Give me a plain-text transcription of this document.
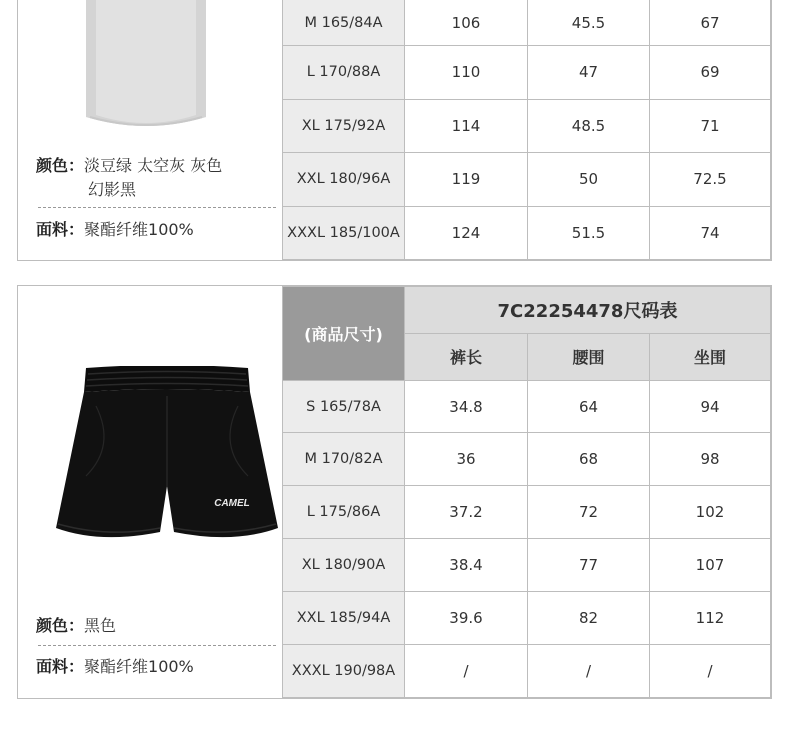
颜色：淡豆绿 太空灰 灰色
幻影黑
面料：聚酯纤维100%
M 165/84A	106	45.5	67
L 170/88A	110	47	69
XL 175/92A	114	48.5	71
XXL 180/96A	119	50	72.5
XXXL 185/100A	124	51.5	74
CAMEL
颜色：黑色
面料：聚酯纤维100%
(商品尺寸)	7C22254478尺码表		
	裤长	腰围	坐围
S 165/78A	34.8	64	94
M 170/82A	36	68	98
L 175/86A	37.2	72	102
XL 180/90A	38.4	77	107
XXL 185/94A	39.6	82	112
XXXL 190/98A	/	/	/
